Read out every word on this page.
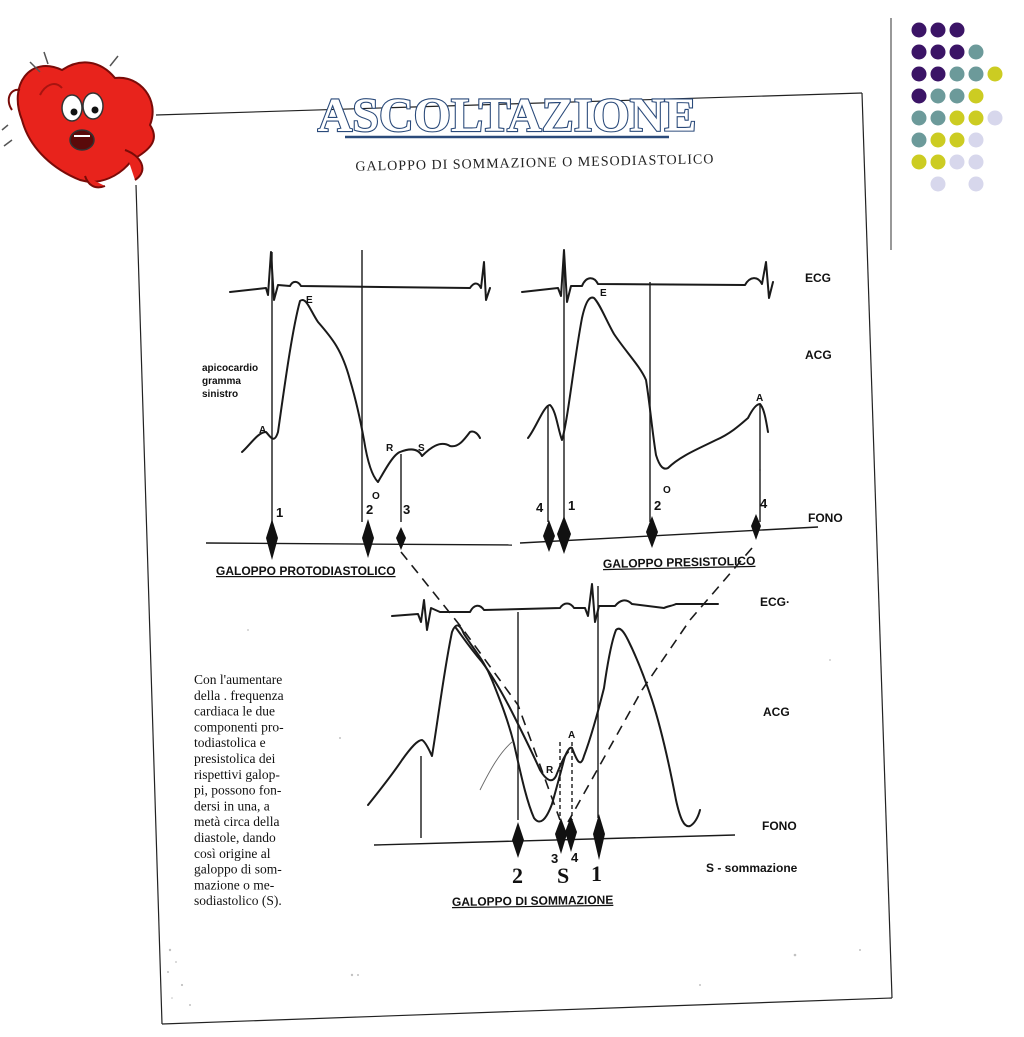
ASCOLTAZIONE
GALOPPO DI SOMMAZIONE O MESODIASTOLICO
A
E
O
R S
1	2 3
apicocardio
gramma
sinistro
GALOPPO PROTODIASTOLICO
E
A
O
4 1	2	4
GALOPPO PRESISTOLICO
ECG
ACG
FONO
ECG·
ACG
FONO
S - sommazione
A
R
3 4
2 S 1
GALOPPO DI SOMMAZIONE
Con l'aumentare della . frequenza cardiaca le due componenti pro-todiastolica e presistolica dei rispettivi galop-pi, possono fon-dersi in una, a metà circa della diastole, dando così origine al galoppo di som-mazione o me-sodiastolico (S).
